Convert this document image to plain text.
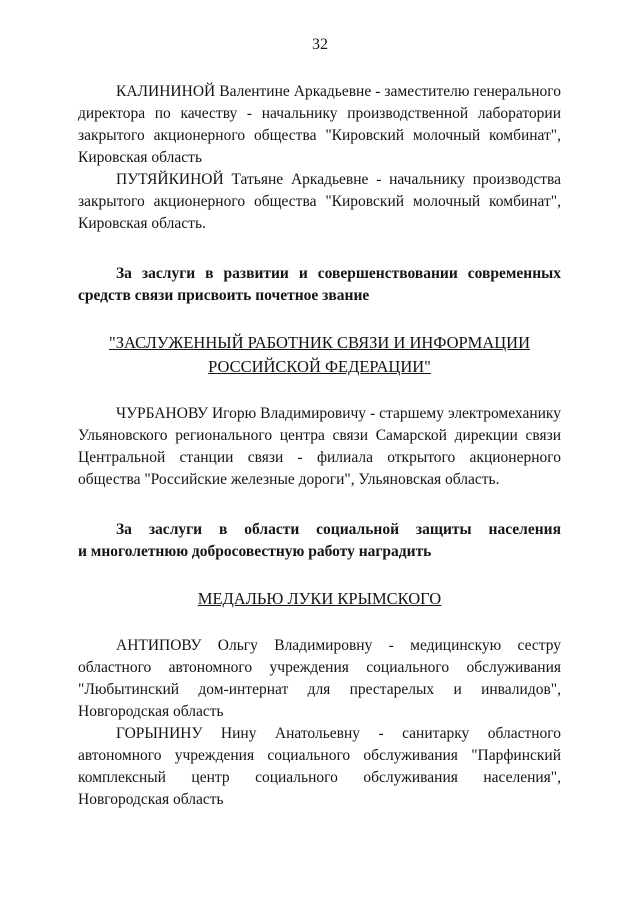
32

КАЛИНИНОЙ Валентине Аркадьевне - заместителю генерального директора по качеству - начальнику производственной лаборатории закрытого акционерного общества "Кировский молочный комбинат", Кировская область

ПУТЯЙКИНОЙ Татьяне Аркадьевне - начальнику производства закрытого акционерного общества "Кировский молочный комбинат", Кировская область.

За заслуги в развитии и совершенствовании современных средств связи присвоить почетное звание

"ЗАСЛУЖЕННЫЙ РАБОТНИК СВЯЗИ И ИНФОРМАЦИИ

РОССИЙСКОЙ ФЕДЕРАЦИИ"

ЧУРБАНОВУ Игорю Владимировичу - старшему электромеханику Ульяновского регионального центра связи Самарской дирекции связи Центральной станции связи - филиала открытого акционерного общества "Российские железные дороги", Ульяновская область.

За заслуги в области социальной защиты населения

и многолетнюю добросовестную работу наградить

МЕДАЛЬЮ ЛУКИ КРЫМСКОГО

АНТИПОВУ Ольгу Владимировну - медицинскую сестру областного автономного учреждения социального обслуживания "Любытинский дом-интернат для престарелых и инвалидов", Новгородская область

ГОРЫНИНУ Нину Анатольевну - санитарку областного автономного учреждения социального обслуживания "Парфинский комплексный центр социального обслуживания населения", Новгородская область
